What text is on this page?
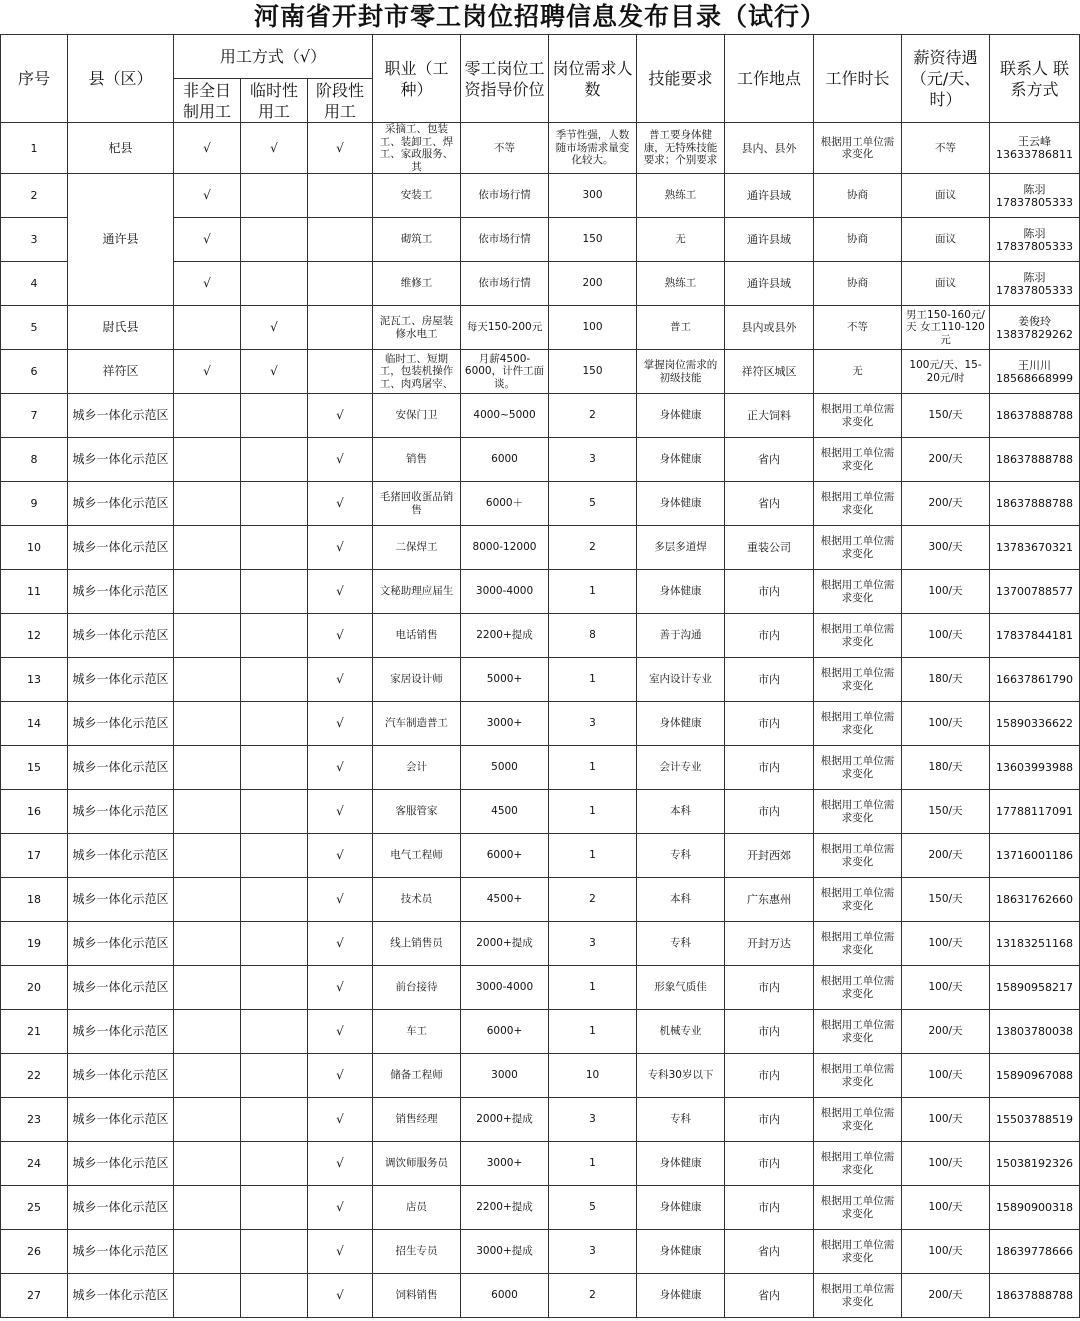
河南省开封市零工岗位招聘信息发布目录（试行）
序号	县（区）	用工方式（√）			职业（工种）	零工岗位工资指导价位	岗位需求人数	技能要求	工作地点	工作时长	薪资待遇（元/天、时）	联系人 联系方式
		非全日制用工	临时性用工	阶段性用工								
1	杞县	√	√	√	采摘工、包装工、装卸工、焊工、家政服务、其	不等	季节性强，人数随市场需求量变化较大。	普工要身体健康，无特殊技能要求；个别要求	县内、县外	根据用工单位需求变化	不等	王云峰 13633786811
2	通许县	√			安装工	依市场行情	300	熟练工	通许县域	协商	面议	陈羽 17837805333
3		√			砌筑工	依市场行情	150	无	通许县域	协商	面议	陈羽 17837805333
4		√			维修工	依市场行情	200	熟练工	通许县域	协商	面议	陈羽 17837805333
5	尉氏县		√		泥瓦工、房屋装修水电工	每天150-200元	100	普工	县内或县外	不等	男工150-160元/天 女工110-120元	姜俊玲 13837829262
6	祥符区	√	√		临时工、短期工，包装机操作工、肉鸡屠宰、	月薪4500-6000，计件工面谈。	150	掌握岗位需求的初级技能	祥符区城区	无	100元/天、15-20元/时	王川川 18568668999
7	城乡一体化示范区			√	安保门卫	4000~5000	2	身体健康	正大饲料	根据用工单位需求变化	150/天	18637888788
8	城乡一体化示范区			√	销售	6000	3	身体健康	省内	根据用工单位需求变化	200/天	18637888788
9	城乡一体化示范区			√	毛猪回收蛋品销售	6000＋	5	身体健康	省内	根据用工单位需求变化	200/天	18637888788
10	城乡一体化示范区			√	二保焊工	8000-12000	2	多层多道焊	重装公司	根据用工单位需求变化	300/天	13783670321
11	城乡一体化示范区			√	文秘助理应届生	3000-4000	1	身体健康	市内	根据用工单位需求变化	100/天	13700788577
12	城乡一体化示范区			√	电话销售	2200+提成	8	善于沟通	市内	根据用工单位需求变化	100/天	17837844181
13	城乡一体化示范区			√	家居设计师	5000+	1	室内设计专业	市内	根据用工单位需求变化	180/天	16637861790
14	城乡一体化示范区			√	汽车制造普工	3000+	3	身体健康	市内	根据用工单位需求变化	100/天	15890336622
15	城乡一体化示范区			√	会计	5000	1	会计专业	市内	根据用工单位需求变化	180/天	13603993988
16	城乡一体化示范区			√	客服管家	4500	1	本科	市内	根据用工单位需求变化	150/天	17788117091
17	城乡一体化示范区			√	电气工程师	6000+	1	专科	开封西郊	根据用工单位需求变化	200/天	13716001186
18	城乡一体化示范区			√	技术员	4500+	2	本科	广东惠州	根据用工单位需求变化	150/天	18631762660
19	城乡一体化示范区			√	线上销售员	2000+提成	3	专科	开封万达	根据用工单位需求变化	100/天	13183251168
20	城乡一体化示范区			√	前台接待	3000-4000	1	形象气质佳	市内	根据用工单位需求变化	100/天	15890958217
21	城乡一体化示范区			√	车工	6000+	1	机械专业	市内	根据用工单位需求变化	200/天	13803780038
22	城乡一体化示范区			√	储备工程师	3000	10	专科30岁以下	市内	根据用工单位需求变化	100/天	15890967088
23	城乡一体化示范区			√	销售经理	2000+提成	3	专科	市内	根据用工单位需求变化	100/天	15503788519
24	城乡一体化示范区			√	调饮师服务员	3000+	1	身体健康	市内	根据用工单位需求变化	100/天	15038192326
25	城乡一体化示范区			√	店员	2200+提成	5	身体健康	市内	根据用工单位需求变化	100/天	15890900318
26	城乡一体化示范区			√	招生专员	3000+提成	3	身体健康	省内	根据用工单位需求变化	100/天	18639778666
27	城乡一体化示范区			√	饲料销售	6000	2	身体健康	省内	根据用工单位需求变化	200/天	18637888788
